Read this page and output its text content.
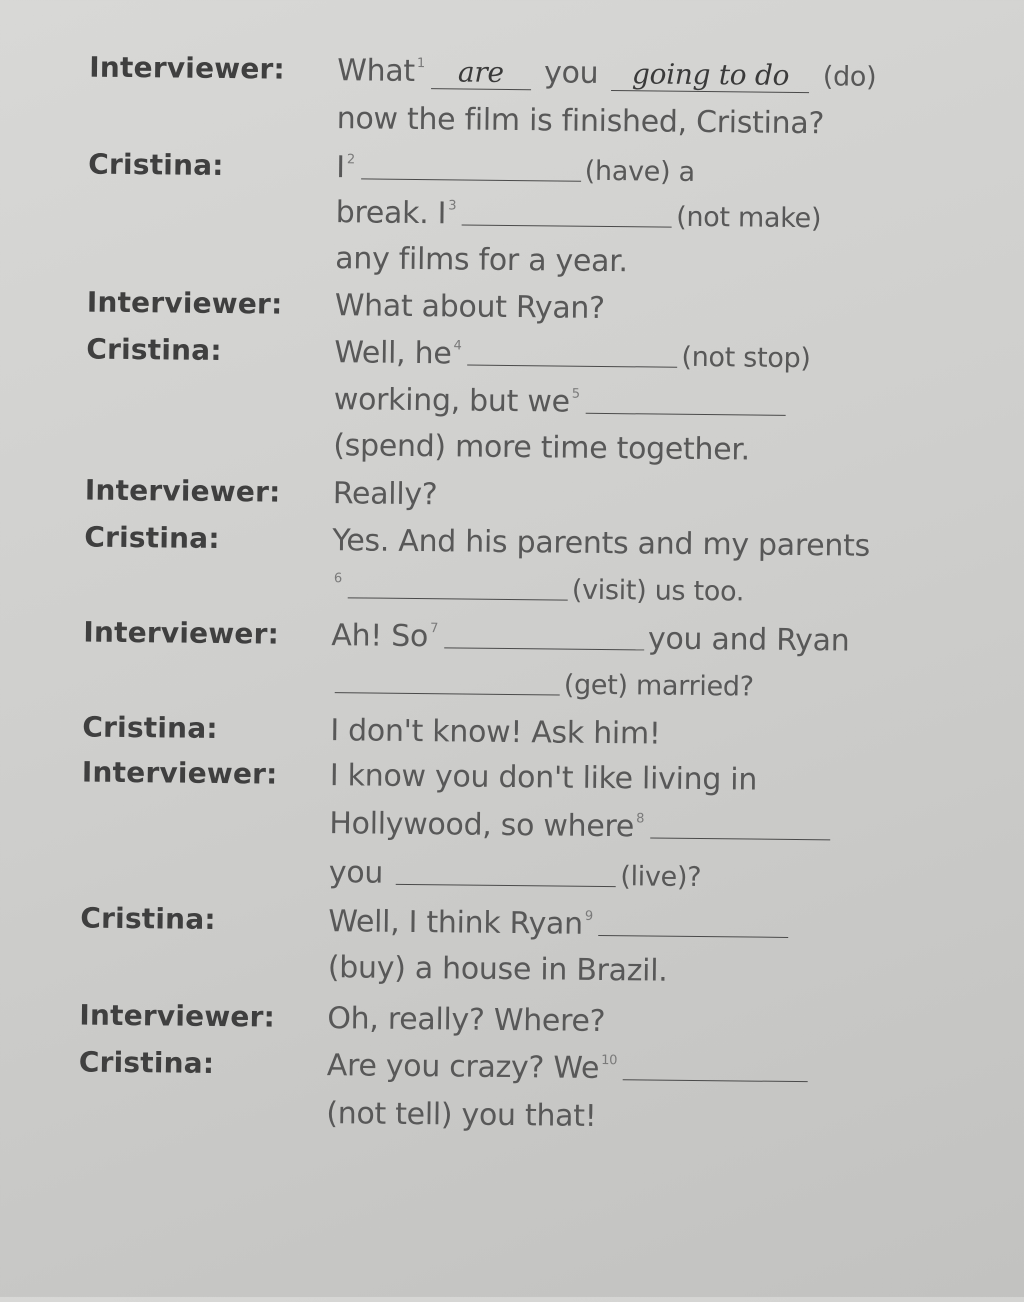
Interviewer: What $^1$ are you going to do (do)
now the film is finished, Cristina?
Cristina:	I $^2$	(have) a
break. I $^3$	(not make)
any films for a year.
Interviewer: What about Ryan?
Cristina:	Well, he $^4$	(not stop)
working, but we $^5$
(spend) more time together.
Interviewer: Really?
Cristina:	Yes. And his parents and my parents
$^6$	(visit) us too.
Interviewer: Ah! So $^7$	you and Ryan
(get) married?
Cristina:	I don't know! Ask him!
Interviewer: I know you don't like living in
Hollywood, so where $^8$
you	(live)?
Cristina:	Well, I think Ryan $^9$
(buy) a house in Brazil.
Interviewer: Oh, really? Where?
Cristina:	Are you crazy? We $^{10}$
(not tell) you that!
